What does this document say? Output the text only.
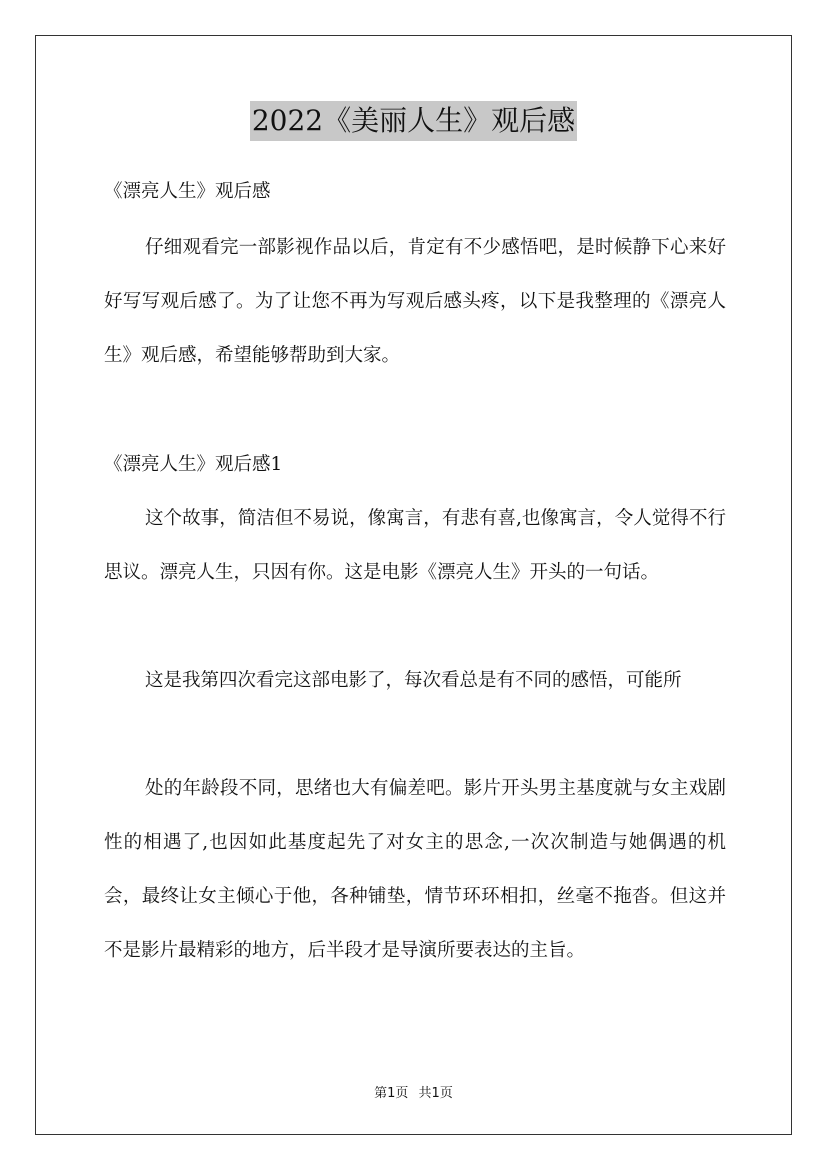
2022《美丽人生》观后感
《漂亮人生》观后感
仔细观看完一部影视作品以后，肯定有不少感悟吧，是时候静下心来好好写写观后感了。为了让您不再为写观后感头疼，以下是我整理的《漂亮人生》观后感，希望能够帮助到大家。
《漂亮人生》观后感1
这个故事，简洁但不易说，像寓言，有悲有喜,也像寓言，令人觉得不行思议。漂亮人生，只因有你。这是电影《漂亮人生》开头的一句话。
这是我第四次看完这部电影了，每次看总是有不同的感悟，可能所
处的年龄段不同，思绪也大有偏差吧。影片开头男主基度就与女主戏剧性的相遇了,也因如此基度起先了对女主的思念,一次次制造与她偶遇的机会，最终让女主倾心于他，各种铺垫，情节环环相扣，丝毫不拖沓。但这并不是影片最精彩的地方，后半段才是导演所要表达的主旨。
第1页 共1页
